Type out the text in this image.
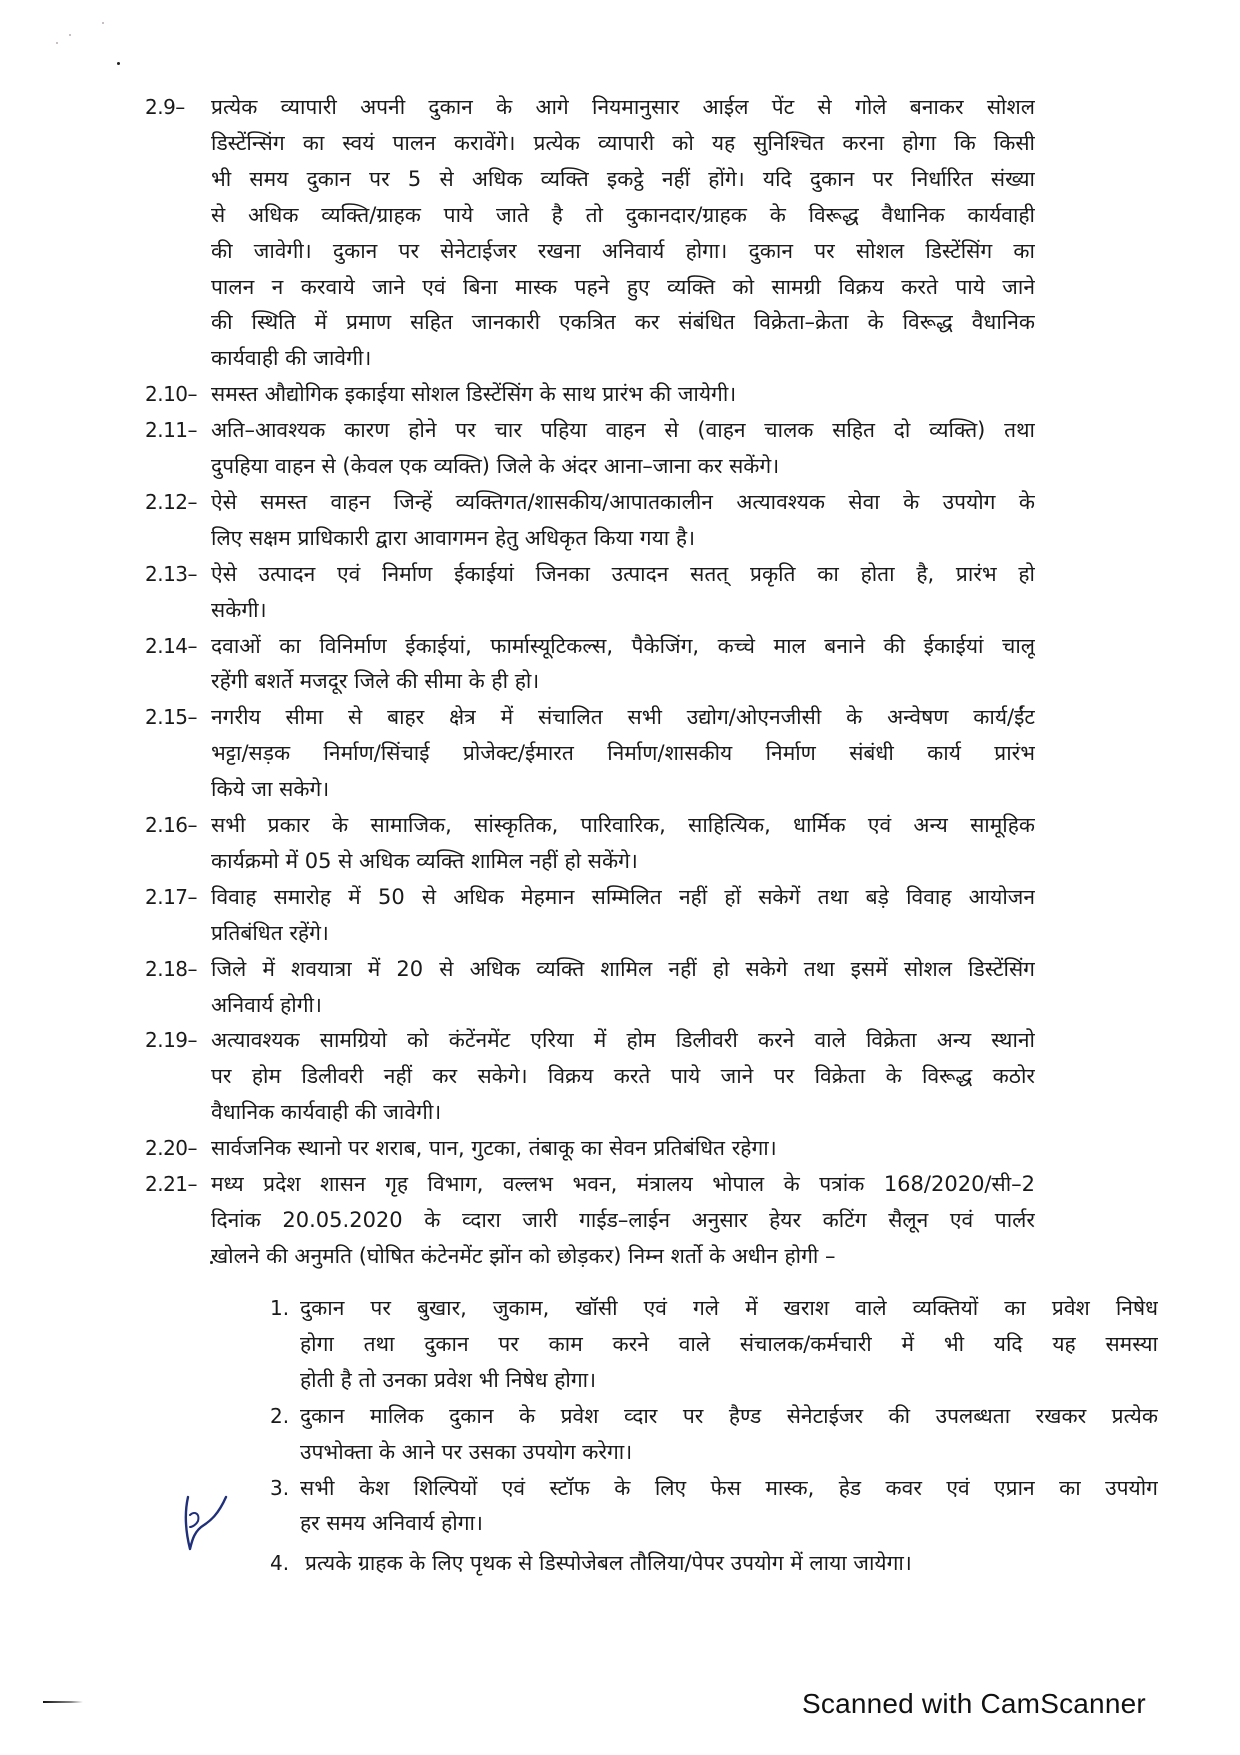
2.9–	प्रत्येक व्यापारी अपनी दुकान के आगे नियमानुसार आईल पेंट से गोले बनाकर सोशल
डिस्टेंन्सिंग का स्वयं पालन करावेंगे। प्रत्येक व्यापारी को यह सुनिश्चित करना होगा कि किसी
भी समय दुकान पर 5 से अधिक व्यक्ति इकट्ठे नहीं होंगे। यदि दुकान पर निर्धारित संख्या
से अधिक व्यक्ति/ग्राहक पाये जाते है तो दुकानदार/ग्राहक के विरूद्ध वैधानिक कार्यवाही
की जावेगी। दुकान पर सेनेटाईजर रखना अनिवार्य होगा। दुकान पर सोशल डिस्टेंसिंग का
पालन न करवाये जाने एवं बिना मास्क पहने हुए व्यक्ति को सामग्री विक्रय करते पाये जाने
की स्थिति में प्रमाण सहित जानकारी एकत्रित कर संबंधित विक्रेता–क्रेता के विरूद्ध वैधानिक
कार्यवाही की जावेगी।
2.10– समस्त औद्योगिक इकाईया सोशल डिस्टेंसिंग के साथ प्रारंभ की जायेगी।
2.11– अति–आवश्यक कारण होने पर चार पहिया वाहन से (वाहन चालक सहित दो व्यक्ति) तथा
दुपहिया वाहन से (केवल एक व्यक्ति) जिले के अंदर आना–जाना कर सकेंगे।
2.12– ऐसे समस्त वाहन जिन्हें व्यक्तिगत/शासकीय/आपातकालीन अत्यावश्यक सेवा के उपयोग के
लिए सक्षम प्राधिकारी द्वारा आवागमन हेतु अधिकृत किया गया है।
2.13– ऐसे उत्पादन एवं निर्माण ईकाईयां जिनका उत्पादन सतत् प्रकृति का होता है, प्रारंभ हो
सकेगी।
2.14– दवाओं का विनिर्माण ईकाईयां, फार्मास्यूटिकल्स, पैकेजिंग, कच्चे माल बनाने की ईकाईयां चालू
रहेंगी बशर्ते मजदूर जिले की सीमा के ही हो।
2.15– नगरीय सीमा से बाहर क्षेत्र में संचालित सभी उद्योग/ओएनजीसी के अन्वेषण कार्य/ईंट
भट्टा/सड़क निर्माण/सिंचाई प्रोजेक्ट/ईमारत निर्माण/शासकीय निर्माण संबंधी कार्य प्रारंभ
किये जा सकेगे।
2.16– सभी प्रकार के सामाजिक, सांस्कृतिक, पारिवारिक, साहित्यिक, धार्मिक एवं अन्य सामूहिक
कार्यक्रमो में 05 से अधिक व्यक्ति शामिल नहीं हो सकेंगे।
2.17– विवाह समारोह में 50 से अधिक मेहमान सम्मिलित नहीं हों सकेगें तथा बड़े विवाह आयोजन
प्रतिबंधित रहेंगे।
2.18– जिले में शवयात्रा में 20 से अधिक व्यक्ति शामिल नहीं हो सकेगे तथा इसमें सोशल डिस्टेंसिंग
अनिवार्य होगी।
2.19– अत्यावश्यक सामग्रियो को कंटेंनमेंट एरिया में होम डिलीवरी करने वाले विक्रेता अन्य स्थानो
पर होम डिलीवरी नहीं कर सकेगे। विक्रय करते पाये जाने पर विक्रेता के विरूद्ध कठोर
वैधानिक कार्यवाही की जावेगी।
2.20– सार्वजनिक स्थानो पर शराब, पान, गुटका, तंबाकू का सेवन प्रतिबंधित रहेगा।
2.21– मध्य प्रदेश शासन गृह विभाग, वल्लभ भवन, मंत्रालय भोपाल के पत्रांक 168/2020/सी–2
दिनांक 20.05.2020 के व्दारा जारी गाईड–लाईन अनुसार हेयर कटिंग सैलून एवं पार्लर
खोलने की अनुमति (घोषित कंटेनमेंट झोंन को छोड़कर) निम्न शर्तो के अधीन होगी –
1. दुकान पर बुखार, जुकाम, खॉसी एवं गले में खराश वाले व्यक्तियों का प्रवेश निषेध
होगा तथा दुकान पर काम करने वाले संचालक/कर्मचारी में भी यदि यह समस्या
होती है तो उनका प्रवेश भी निषेध होगा।
2. दुकान मालिक दुकान के प्रवेश व्दार पर हैण्ड सेनेटाईजर की उपलब्धता रखकर प्रत्येक
उपभोक्ता के आने पर उसका उपयोग करेगा।
3. सभी केश शिल्पियों एवं स्टॉफ के लिए फेस मास्क, हेड कवर एवं एप्रान का उपयोग
हर समय अनिवार्य होगा।
4. प्रत्यके ग्राहक के लिए पृथक से डिस्पोजेबल तौलिया/पेपर उपयोग में लाया जायेगा।
Scanned with CamScanner
